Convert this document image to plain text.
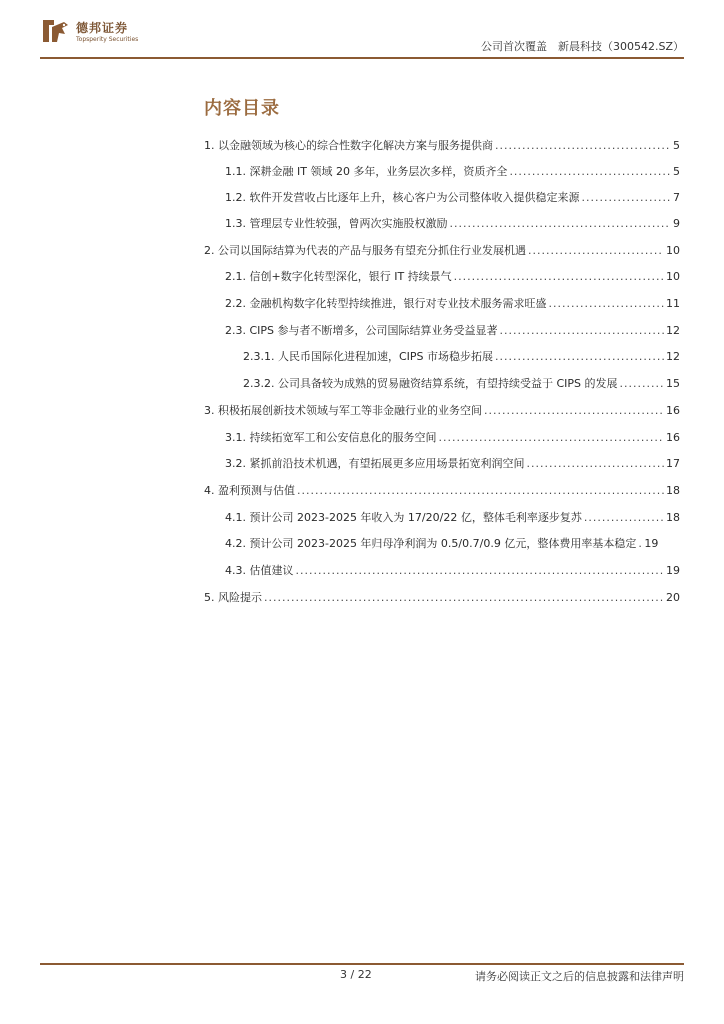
德邦证券
Topsperity Securities
公司首次覆盖　新晨科技（300542.SZ）
内容目录
1. 以金融领域为核心的综合性数字化解决方案与服务提供商 .....	5
1.1. 深耕金融 IT 领域 20 多年，业务层次多样，资质齐全 .....	5
1.2. 软件开发营收占比逐年上升，核心客户为公司整体收入提供稳定来源 .....	7
1.3. 管理层专业性较强，曾两次实施股权激励 .....	9
2. 公司以国际结算为代表的产品与服务有望充分抓住行业发展机遇 .....	10
2.1. 信创+数字化转型深化，银行 IT 持续景气 .....	10
2.2. 金融机构数字化转型持续推进，银行对专业技术服务需求旺盛 .....	11
2.3. CIPS 参与者不断增多，公司国际结算业务受益显著 .....	12
2.3.1. 人民币国际化进程加速，CIPS 市场稳步拓展 .....	12
2.3.2. 公司具备较为成熟的贸易融资结算系统，有望持续受益于 CIPS 的发展 .....	15
3. 积极拓展创新技术领域与军工等非金融行业的业务空间 .....	16
3.1. 持续拓宽军工和公安信息化的服务空间 .....	16
3.2. 紧抓前沿技术机遇，有望拓展更多应用场景拓宽利润空间 .....	17
4. 盈利预测与估值 .....	18
4.1. 预计公司 2023-2025 年收入为 17/20/22 亿，整体毛利率逐步复苏 .....	18
4.2. 预计公司 2023-2025 年归母净利润为 0.5/0.7/0.9 亿元，整体费用率基本稳定 ..... 19
4.3. 估值建议 .....	19
5. 风险提示 .....	20
3 / 22	请务必阅读正文之后的信息披露和法律声明
